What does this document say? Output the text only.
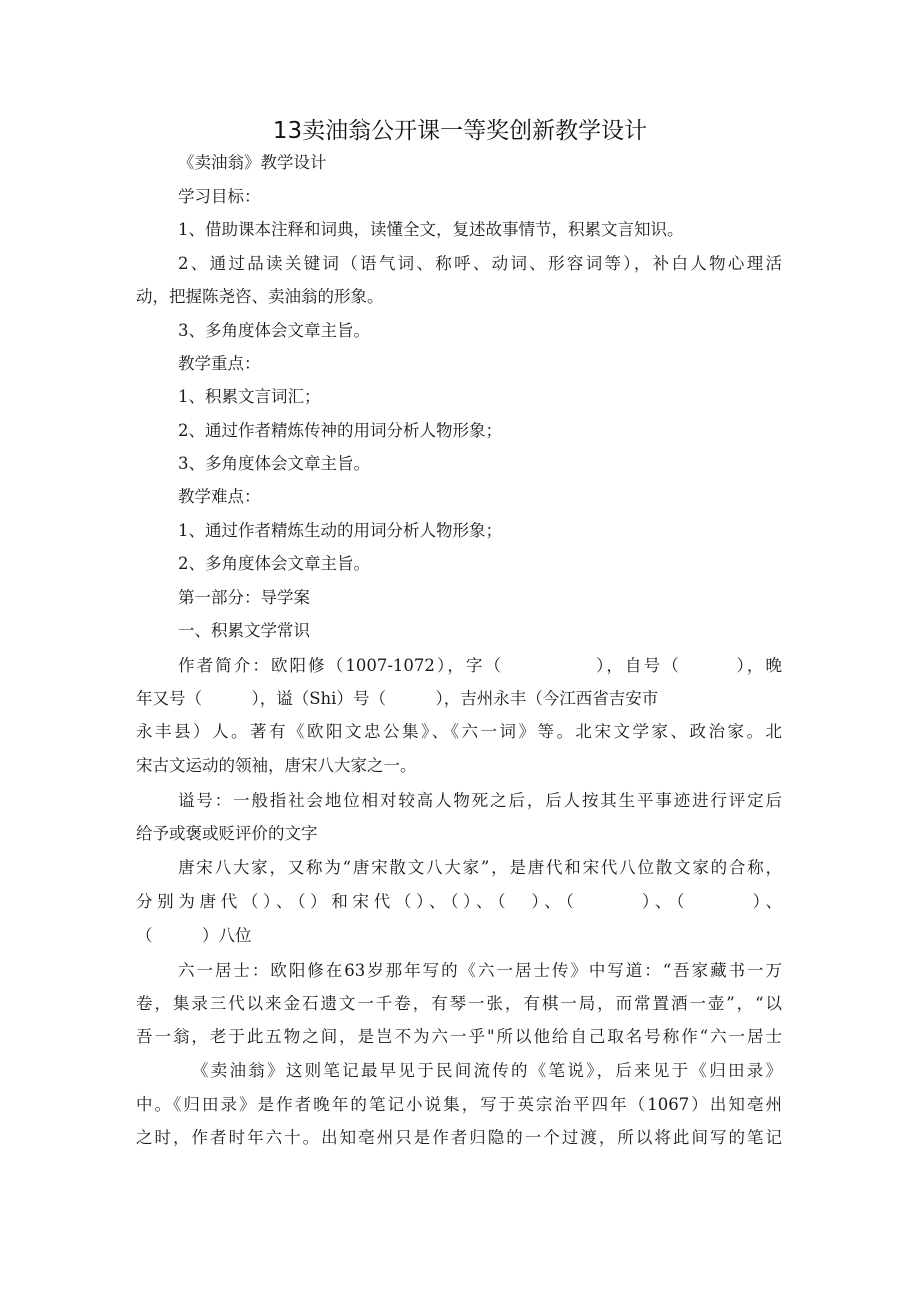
13卖油翁公开课一等奖创新教学设计
《卖油翁》教学设计
学习目标：
1、借助课本注释和词典，读懂全文，复述故事情节，积累文言知识。
2、通过品读关键词（语气词、称呼、动词、形容词等），补白人物心理活
动，把握陈尧咨、卖油翁的形象。
3、多角度体会文章主旨。
教学重点：
1、积累文言词汇；
2、通过作者精炼传神的用词分析人物形象；
3、多角度体会文章主旨。
教学难点：
1、通过作者精炼生动的用词分析人物形象；
2、多角度体会文章主旨。
第一部分：导学案
一、积累文学常识
作者简介：欧阳修（1007-1072），字（　　　　　），自号（　　　），晚
年又号（　　　），谥（Shi）号（　　　），吉州永丰（今江西省吉安市
永丰县）人。著有《欧阳文忠公集》、《六一词》等。北宋文学家、政治家。北
宋古文运动的领袖，唐宋八大家之一。
谥号：一般指社会地位相对较高人物死之后，后人按其生平事迹进行评定后
给予或褒或贬评价的文字
唐宋八大家，又称为“唐宋散文八大家”，是唐代和宋代八位散文家的合称，
分别为唐代（）、（）和宋代（）、（）、（　）、（　　　）、（　　　）、
（　　　）八位
六一居士：欧阳修在63岁那年写的《六一居士传》中写道：“吾家藏书一万
卷，集录三代以来金石遗文一千卷，有琴一张，有棋一局，而常置酒一壶”，“以
吾一翁，老于此五物之间，是岂不为六一乎"所以他给自己取名号称作“六一居士
《卖油翁》这则笔记最早见于民间流传的《笔说》，后来见于《归田录》
中。《归田录》是作者晚年的笔记小说集，写于英宗治平四年（1067）出知亳州
之时，作者时年六十。出知亳州只是作者归隐的一个过渡，所以将此间写的笔记
